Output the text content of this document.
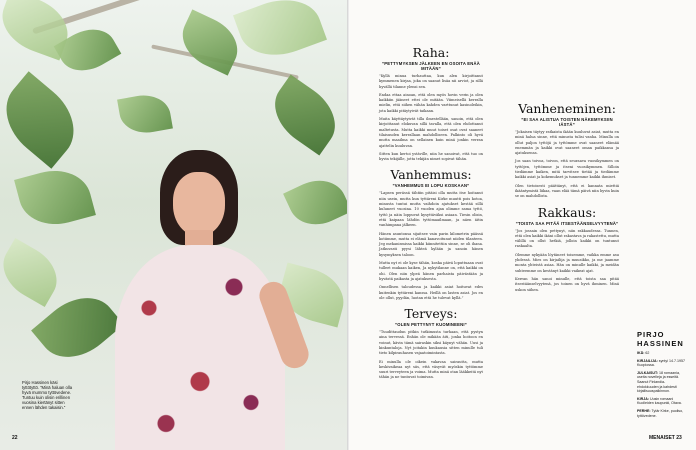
Pirjo Hassinen käsi tyttötyttö. ”Minä haluan olla hyvä mummo tyttövedene. Tuntuu kuin olisin erillinen vuosina kiertänyt sitten ennen lähden takaisin.”
22
Raha:
”PETTYMYKSEN JÄLKEEN EN OSOITA ENÄÄ MITÄÄN”

”Kyllä minua turhauttaa, kun alen kirjoittanut kymmenen kirjaa, joka on saanut lisäa nii arviot, ja sillä hyvällä tilanne ylensi sen.

Endaa ettaa ainoan, että olen myös hovin verin ja olen kaikkiin jääneet ettei ole mitään. Viimeisellä kerralla mielin, että siihen vähän kahden varttunut kasinoleikin, jota kaikki pitäytyivät taikaan.

Muita käyttäytyivät tilla ilmestellään, sanoin, että olen kirjoittanut elokuvan sillä tavalla, että olen ehdottanut maltetusta. Mutta kaikki muut toiset osat ovat saaneet tilaisuuden kerrallaan mahdolliseen. Palkinto oli hyvä mutta maailma on sellainen kuin minä jonkin verran ajattelin kuuluvan.

Sitten kun kertoi ystäville, niin he sanoivat, että tuo on hyvin tekijälle, jotta tekijän nimet sopivat tähän.

Vanhemmus:
”VANHEMMUS EI LOPU KOSKAAN”

”Lapsen perässä tähtiin pitäisi olla mutta itse hoitanut niin usein, mutta kun tyttäreni Kirke muutti pois kotoa, minusta tuntui mutta vaihdoin ajatukset kestää sillä kuluneet vuosina. 10 vuoden ajan olimme sama tyttö, tyttö ja näin loppuvat kysyttäväksi asiaan. Tiesin olisin, että kaipaan lähdön tyttömaailmaan, ja näen äitin vanhimpana jälkeen.

Hänen asuntonsa sijaitsee vain parin kilometrin päässä kotiimme, mutta ei elämä kanavoitunut niiden tilanteen. Jeg mekanismissa kaikki kiinnitettiin sinne, se oli ihana. Jatkuvasti pyysi lähteä kylään ja sanoin hänen kysymyksen taloon.

Mutta nyt ei ole kyse tähän, koska päivä loputtuaan ovat tulleet mukaan kaiken, Ja nykytilanne on, että kaikki on ohi. Olen niin ylpeä hänen parhaista päivästään ja hyvästä paikasta ja ajatuksesta.

Onnellisen taloudessa ja kaikki asiat hoituvat edes kuitenkin tyttäreni kanssa. Heillä on lasten asiat. Jos en ole ollut, pyydän, luotan että he tulevat kyllä.”

Terveys:
”OLEN PETTYNYT KUOMINEENI”

”Tuudittaudun pitkin tutkimusta turhaan, että pystyn aina tervessä. Enhän ole mikään äiti, jonka hoitoon en voinut, kävin tämä sairaskin siksi käynyt vähän. Uusi ja kinkuntaloja. Nyt joitakin kuukausia sitten minulle tuli tieto kilpirauhasen vajaatoimintasta.

Ei minulla ole oikein vakavaa sairautta, mutta keskivaikeaa nyt siis, että väsyvät myöskin tyttömme suuri terveyteen ja voima. Mutta minä otan lääkkeitä nyt tähän ja ne tuntuvat toimivan.

Vanheneminen:
”EI SAA ALISTUA TOISTEN NÄKEMYKSIIN IÄSTÄ”

”Jokaisen täytyy ratkaista ikään kuuluvat asiat, mutta en minä halua sinne, että minusta tulisi vanha. Minulla on ollut paljon tyttöjä ja tyttömme ovat saaneet elämää enemmän ja kaikki ovat saaneet oman paikkansa ja ajatuksensa.

Jos saan toivoa, toivon, että seuraava vuosikymmen on tyttöjen, tyttömme ja itseni vuosikymmen. Silloin tiedämme kaiken, mitä tarvitsee tietää ja tiedämme kaikki asiat ja kokemukset ja tunnemme kaikki ihmiset.

Olen tietoisesti päättänyt, että ei kannata miettiä ikääntymistä liikaa, vaan elää tämä päivä niin hyvin kuin se on mahdollista.

Rakkaus:
”TOISTA SAA PITÄÄ ITSESTÄÄNSELVYYTENÄ”

”Jos jossain olen pettynyt, niin rakkaudessa. Tunnen, että olen kaikki ikäni ollut rakastava ja rakastettu, mutta välillä on ollut hetkiä, jolloin kaikki on tuntunut raskaalta.

Olemme nykyään löytäneet toisemme, vaikka emme asu yhdessä. Mies on kirjailija ja muusikko, ja me jaamme monta yhteistä asiaa. Hän on minulle kaikki, ja meidän suhteemme on kestänyt kaikki vaikeat ajat.

Kerran hän sanoi minulle, että toista saa pitää itsestäänselvyytenä, jos toinen on hyvä ihminen. Minä uskon siihen.

PIRJO HASSINEN
IKÄ: 62
KIRJAILIJA: syntyi 14.7.1957 Kuopiossa.
JULKAISUT: 18 romaania, useita novelleja ja esseitä. Saanut Finlandia-ehdokkuuden ja kahdesti kirjallisuuspalkinnon.
KIRJA: Uusin romaani Kuolleiden kaupunki, Otava.
PERHE: Tytär Kirke, puoliso, tyttövedene.
MENAISET 23
